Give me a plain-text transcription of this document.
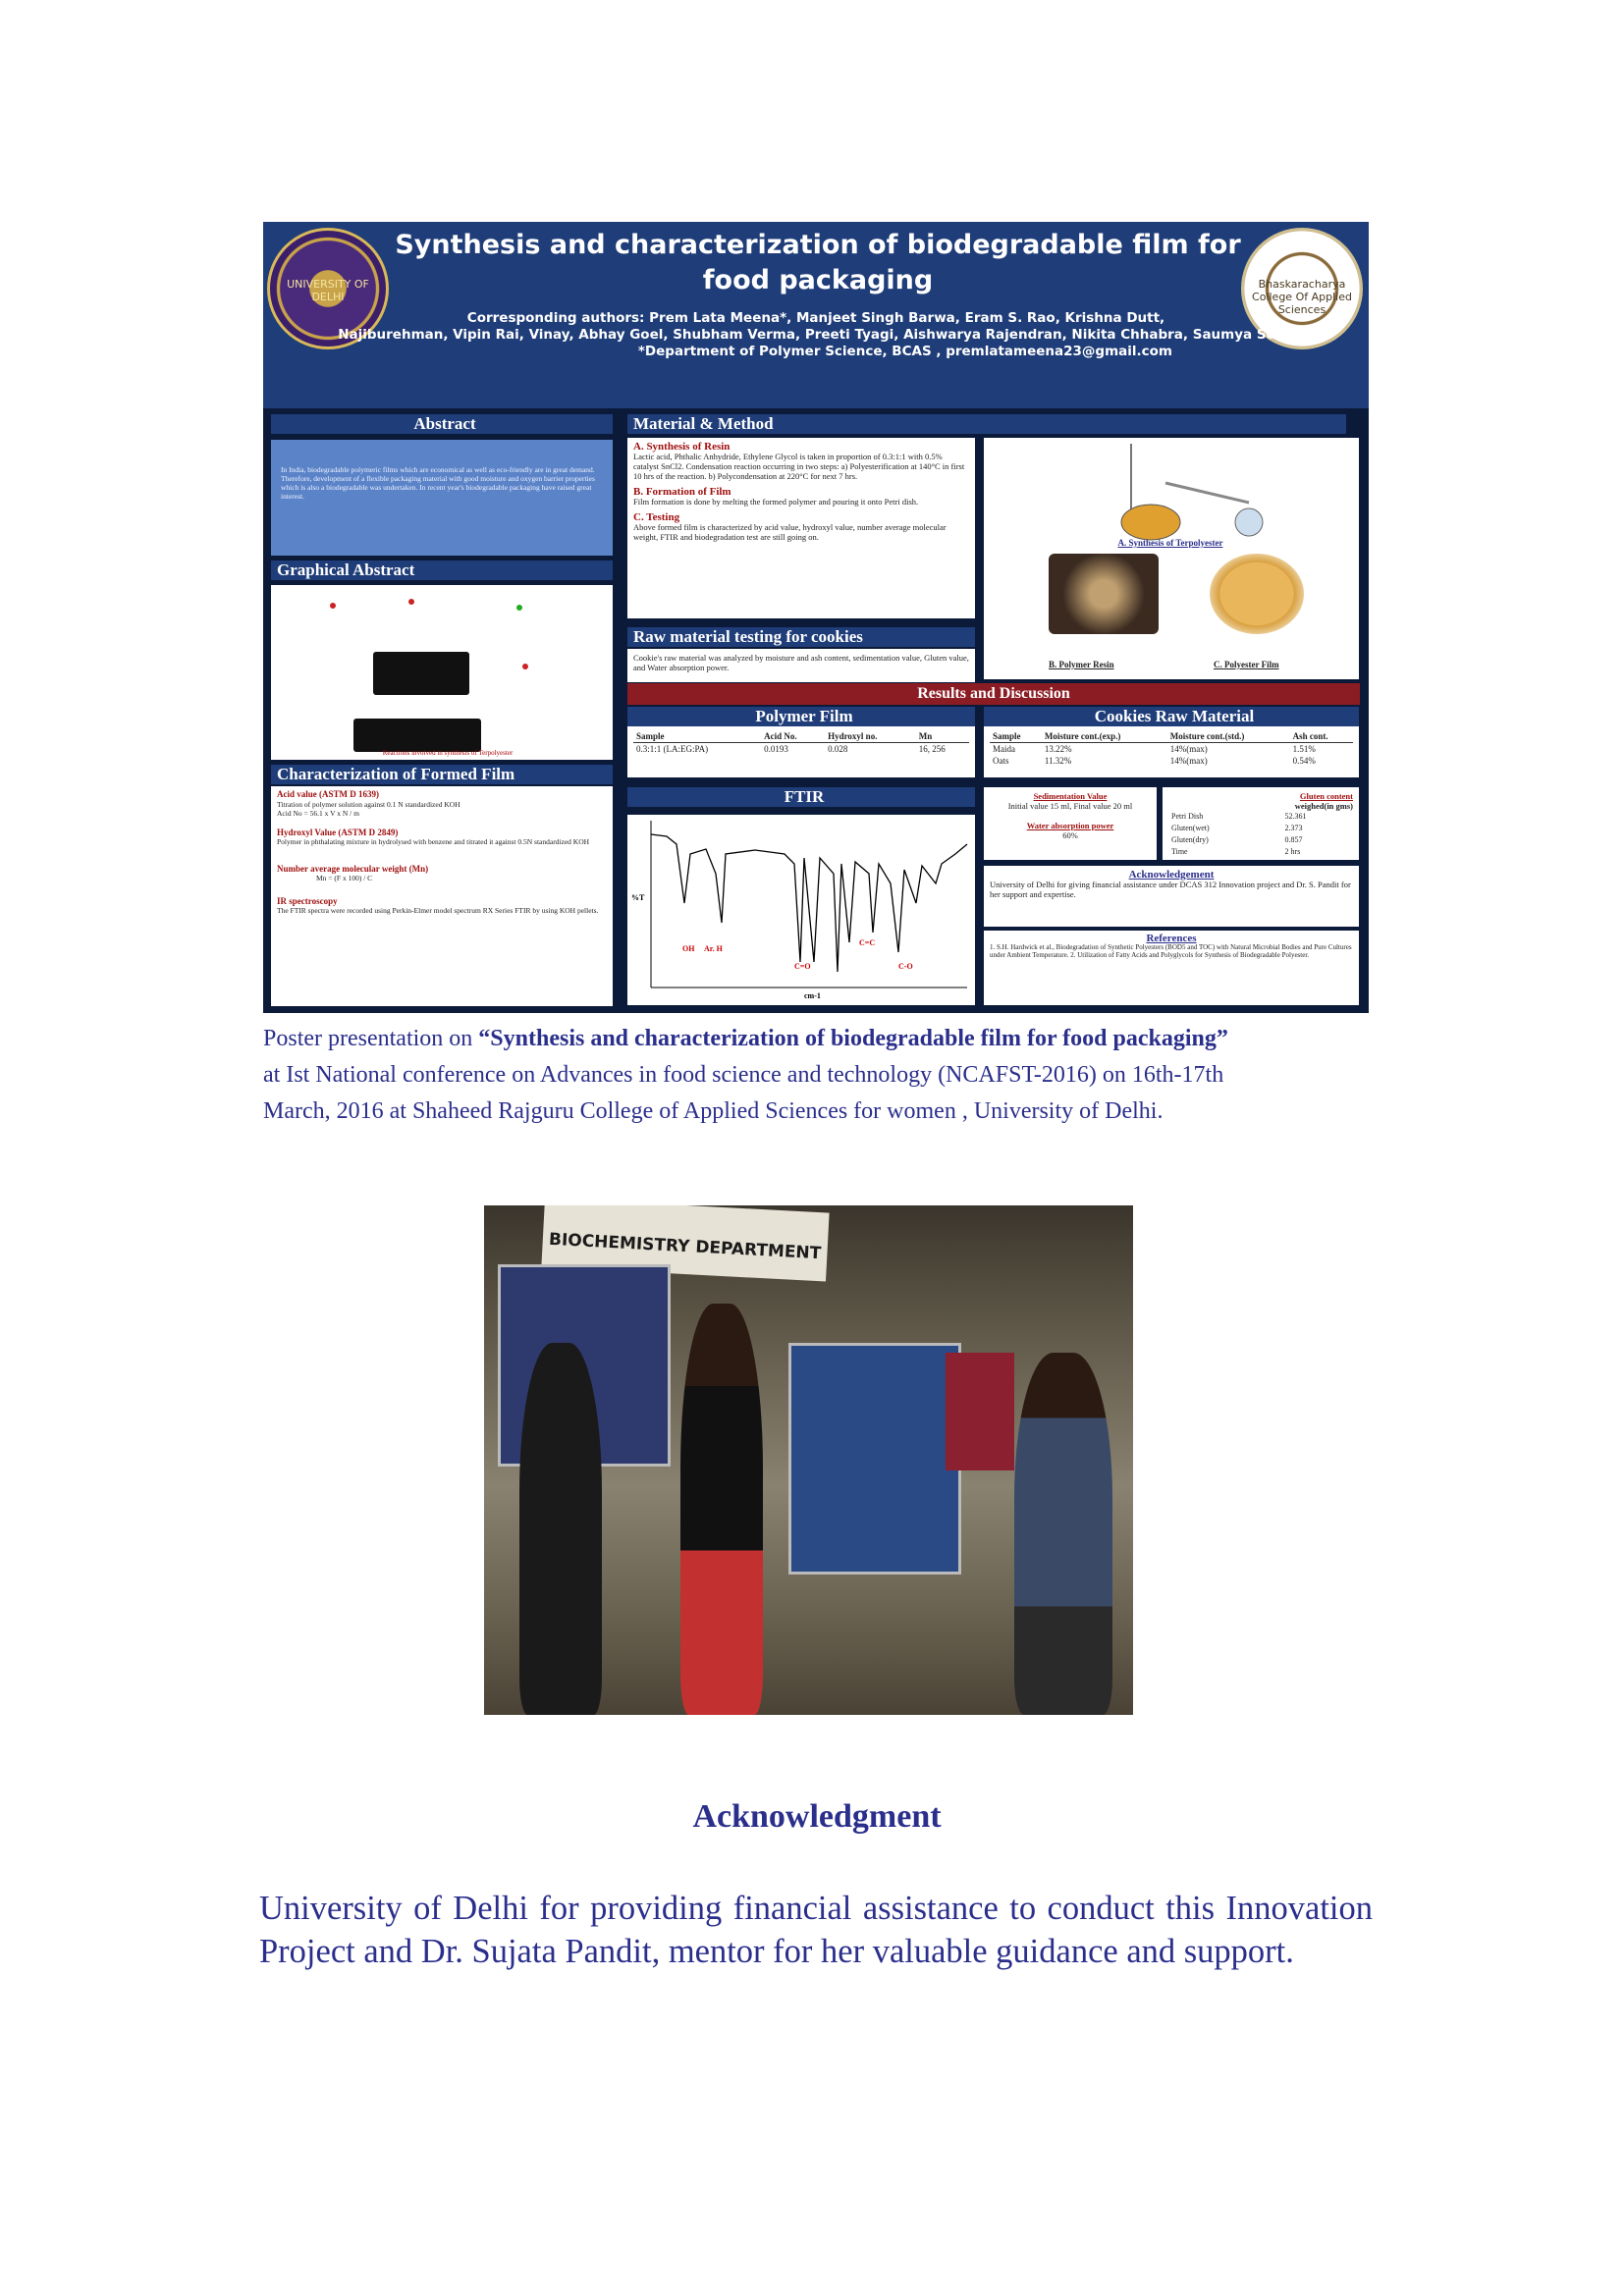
UNIVERSITY OF DELHI
Synthesis and characterization of biodegradable film for food packaging	Bhaskaracharya College Of Applied Sciences
Corresponding authors: Prem Lata Meena*, Manjeet Singh Barwa, Eram S. Rao, Krishna Dutt,
Najiburehman, Vipin Rai, Vinay, Abhay Goel, Shubham Verma, Preeti Tyagi, Aishwarya Rajendran, Nikita Chhabra, Saumya Sood
*Department of Polymer Science, BCAS , premlatameena23@gmail.com
Abstract
In India, biodegradable polymeric films which are economical as well as eco-friendly are in great demand. Therefore, development of a flexible packaging material with good moisture and oxygen barrier properties which is also a biodegradable was undertaken. In recent year's biodegradable packaging have raised great interest.
Graphical Abstract
Reactions involved in synthesis of Terpolyester
Characterization of Formed Film
Acid value (ASTM D 1639)
Titration of polymer solution against 0.1 N standardized KOH
Acid No = 56.1 x V x N / m
Hydroxyl Value (ASTM D 2849)
Polymer in phthalating mixture in hydrolysed with benzene and titrated it against 0.5N standardized KOH
Number average molecular weight (Mn)
Mn = (F x 100) / C
IR spectroscopy
The FTIR spectra were recorded using Perkin-Elmer model spectrum RX Series FTIR by using KOH pellets.
Material & Method
A. Synthesis of Resin
Lactic acid, Phthalic Anhydride, Ethylene Glycol is taken in proportion of 0.3:1:1 with 0.5% catalyst SnCl2. Condensation reaction occurring in two steps: a) Polyesterification at 140°C in first 10 hrs of the reaction. b) Polycondensation at 220°C for next 7 hrs.
B. Formation of Film
Film formation is done by melting the formed polymer and pouring it onto Petri dish.
C. Testing
Above formed film is characterized by acid value, hydroxyl value, number average molecular weight, FTIR and biodegradation test are still going on.
Raw material testing for cookies
Cookie's raw material was analyzed by moisture and ash content, sedimentation value, Gluten value, and Water absorption power.
A. Synthesis of Terpolyester
B. Polymer Resin	C. Polyester Film
Results and Discussion
Polymer Film
Sample	Acid No.	Hydroxyl no.	Mn
0.3:1:1 (LA:EG:PA)	0.0193	0.028	16, 256
FTIR
OH Ar. H
C=O
C=C
C-O
cm-1
%T
Cookies Raw Material
Sample	Moisture cont.(exp.)	Moisture cont.(std.)	Ash cont.
Maida	13.22%	14%(max)	1.51%
Oats	11.32%	14%(max)	0.54%
Sedimentation Value
Initial value 15 ml, Final value 20 ml
Water absorption power
60%
Gluten content
weighed(in gms)
Petri Dish	52.361
Gluten(wet)	2.373
Gluten(dry)	0.857
Time	2 hrs
Acknowledgement
University of Delhi for giving financial assistance under DCAS 312 Innovation project and Dr. S. Pandit for her support and expertise.
References
1. S.H. Hardwick et al., Biodegradation of Synthetic Polyesters (BOD5 and TOC) with Natural Microbial Bodies and Pure Cultures under Ambient Temperature. 2. Utilization of Fatty Acids and Polyglycols for Synthesis of Biodegradable Polyester.
Poster presentation on “Synthesis and characterization of biodegradable film for food packaging”
at Ist National conference on Advances in food science and technology (NCAFST-2016) on 16th-17th
March, 2016 at Shaheed Rajguru College of Applied Sciences for women , University of Delhi.
BIOCHEMISTRY DEPARTMENT
Acknowledgment
University of Delhi for providing financial assistance to conduct this Innovation Project and Dr. Sujata Pandit, mentor for her valuable guidance and support.
